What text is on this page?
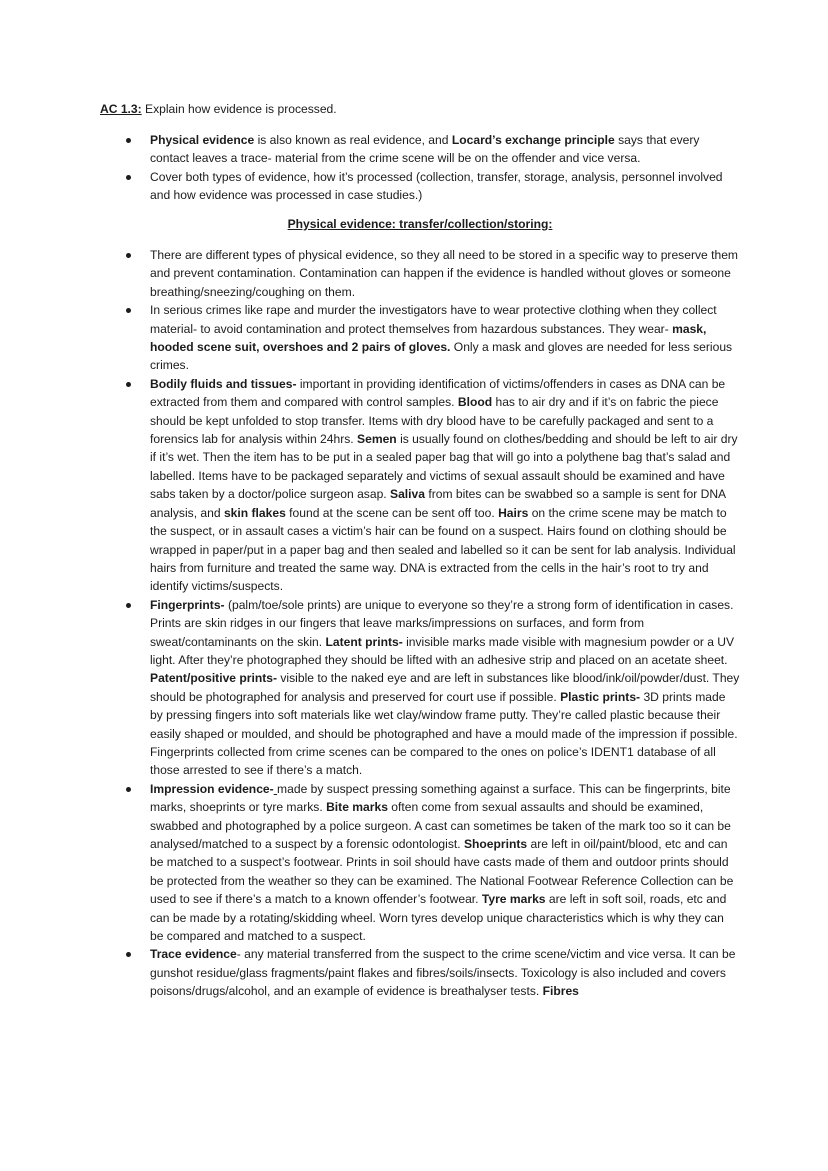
AC 1.3: Explain how evidence is processed.
Physical evidence is also known as real evidence, and Locard’s exchange principle says that every contact leaves a trace- material from the crime scene will be on the offender and vice versa.
Cover both types of evidence, how it’s processed (collection, transfer, storage, analysis, personnel involved and how evidence was processed in case studies.)
Physical evidence: transfer/collection/storing:
There are different types of physical evidence, so they all need to be stored in a specific way to preserve them and prevent contamination. Contamination can happen if the evidence is handled without gloves or someone breathing/sneezing/coughing on them.
In serious crimes like rape and murder the investigators have to wear protective clothing when they collect material- to avoid contamination and protect themselves from hazardous substances. They wear- mask, hooded scene suit, overshoes and 2 pairs of gloves. Only a mask and gloves are needed for less serious crimes.
Bodily fluids and tissues- important in providing identification of victims/offenders in cases as DNA can be extracted from them and compared with control samples. Blood has to air dry and if it’s on fabric the piece should be kept unfolded to stop transfer. Items with dry blood have to be carefully packaged and sent to a forensics lab for analysis within 24hrs. Semen is usually found on clothes/bedding and should be left to air dry if it’s wet. Then the item has to be put in a sealed paper bag that will go into a polythene bag that’s salad and labelled. Items have to be packaged separately and victims of sexual assault should be examined and have sabs taken by a doctor/police surgeon asap. Saliva from bites can be swabbed so a sample is sent for DNA analysis, and skin flakes found at the scene can be sent off too. Hairs on the crime scene may be match to the suspect, or in assault cases a victim’s hair can be found on a suspect. Hairs found on clothing should be wrapped in paper/put in a paper bag and then sealed and labelled so it can be sent for lab analysis. Individual hairs from furniture and treated the same way. DNA is extracted from the cells in the hair’s root to try and identify victims/suspects.
Fingerprints- (palm/toe/sole prints) are unique to everyone so they’re a strong form of identification in cases. Prints are skin ridges in our fingers that leave marks/impressions on surfaces, and form from sweat/contaminants on the skin. Latent prints- invisible marks made visible with magnesium powder or a UV light. After they’re photographed they should be lifted with an adhesive strip and placed on an acetate sheet. Patent/positive prints- visible to the naked eye and are left in substances like blood/ink/oil/powder/dust. They should be photographed for analysis and preserved for court use if possible. Plastic prints- 3D prints made by pressing fingers into soft materials like wet clay/window frame putty. They’re called plastic because their easily shaped or moulded, and should be photographed and have a mould made of the impression if possible. Fingerprints collected from crime scenes can be compared to the ones on police’s IDENT1 database of all those arrested to see if there’s a match.
Impression evidence- made by suspect pressing something against a surface. This can be fingerprints, bite marks, shoeprints or tyre marks. Bite marks often come from sexual assaults and should be examined, swabbed and photographed by a police surgeon. A cast can sometimes be taken of the mark too so it can be analysed/matched to a suspect by a forensic odontologist. Shoeprints are left in oil/paint/blood, etc and can be matched to a suspect’s footwear. Prints in soil should have casts made of them and outdoor prints should be protected from the weather so they can be examined. The National Footwear Reference Collection can be used to see if there’s a match to a known offender’s footwear. Tyre marks are left in soft soil, roads, etc and can be made by a rotating/skidding wheel. Worn tyres develop unique characteristics which is why they can be compared and matched to a suspect.
Trace evidence- any material transferred from the suspect to the crime scene/victim and vice versa. It can be gunshot residue/glass fragments/paint flakes and fibres/soils/insects. Toxicology is also included and covers poisons/drugs/alcohol, and an example of evidence is breathalyser tests. Fibres
